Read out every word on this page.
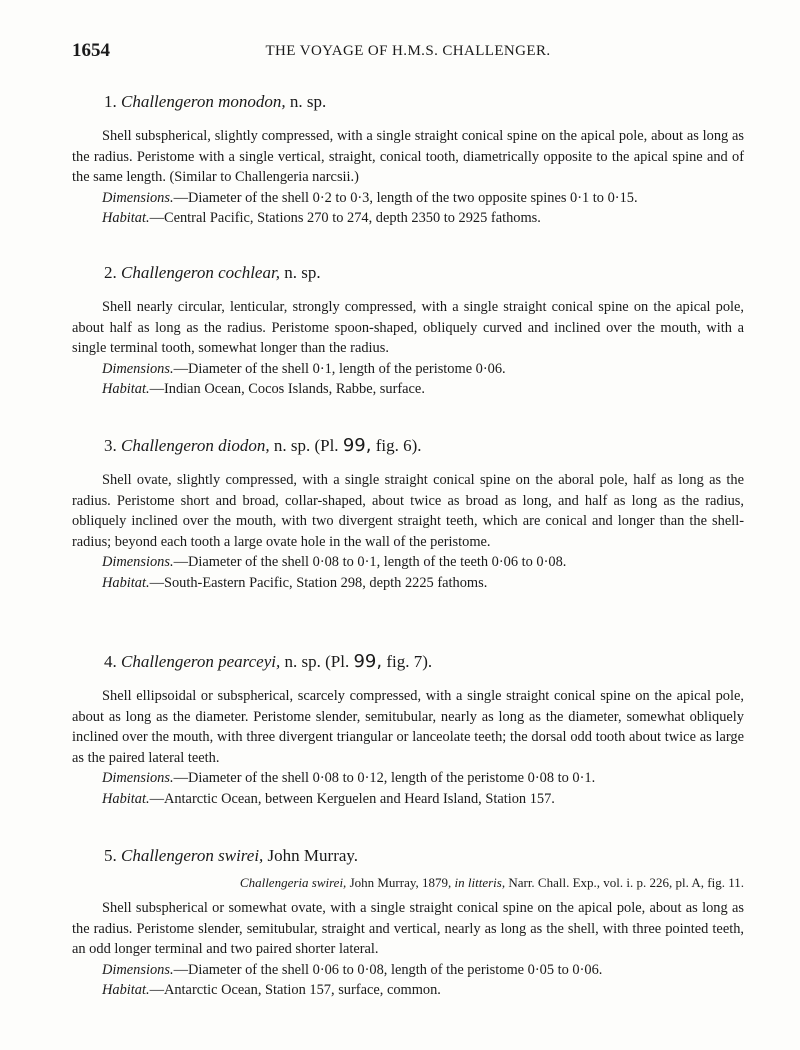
1654	THE VOYAGE OF H.M.S. CHALLENGER.
1. Challengeron monodon, n. sp.

Shell subspherical, slightly compressed, with a single straight conical spine on the apical pole, about as long as the radius. Peristome with a single vertical, straight, conical tooth, diametrically opposite to the apical spine and of the same length. (Similar to Challengeria narcsii.)

Dimensions.—Diameter of the shell 0·2 to 0·3, length of the two opposite spines 0·1 to 0·15.

Habitat.—Central Pacific, Stations 270 to 274, depth 2350 to 2925 fathoms.

2. Challengeron cochlear, n. sp.

Shell nearly circular, lenticular, strongly compressed, with a single straight conical spine on the apical pole, about half as long as the radius. Peristome spoon-shaped, obliquely curved and inclined over the mouth, with a single terminal tooth, somewhat longer than the radius.

Dimensions.—Diameter of the shell 0·1, length of the peristome 0·06.

Habitat.—Indian Ocean, Cocos Islands, Rabbe, surface.

3. Challengeron diodon, n. sp. (Pl. 99, fig. 6).

Shell ovate, slightly compressed, with a single straight conical spine on the aboral pole, half as long as the radius. Peristome short and broad, collar-shaped, about twice as broad as long, and half as long as the radius, obliquely inclined over the mouth, with two divergent straight teeth, which are conical and longer than the shell-radius; beyond each tooth a large ovate hole in the wall of the peristome.

Dimensions.—Diameter of the shell 0·08 to 0·1, length of the teeth 0·06 to 0·08.

Habitat.—South-Eastern Pacific, Station 298, depth 2225 fathoms.

4. Challengeron pearceyi, n. sp. (Pl. 99, fig. 7).

Shell ellipsoidal or subspherical, scarcely compressed, with a single straight conical spine on the apical pole, about as long as the diameter. Peristome slender, semitubular, nearly as long as the diameter, somewhat obliquely inclined over the mouth, with three divergent triangular or lanceolate teeth; the dorsal odd tooth about twice as large as the paired lateral teeth.

Dimensions.—Diameter of the shell 0·08 to 0·12, length of the peristome 0·08 to 0·1.

Habitat.—Antarctic Ocean, between Kerguelen and Heard Island, Station 157.

5. Challengeron swirei, John Murray.

Challengeria swirei, John Murray, 1879, in litteris, Narr. Chall. Exp., vol. i. p. 226, pl. A, fig. 11.

Shell subspherical or somewhat ovate, with a single straight conical spine on the apical pole, about as long as the radius. Peristome slender, semitubular, straight and vertical, nearly as long as the shell, with three pointed teeth, an odd longer terminal and two paired shorter lateral.

Dimensions.—Diameter of the shell 0·06 to 0·08, length of the peristome 0·05 to 0·06.

Habitat.—Antarctic Ocean, Station 157, surface, common.
